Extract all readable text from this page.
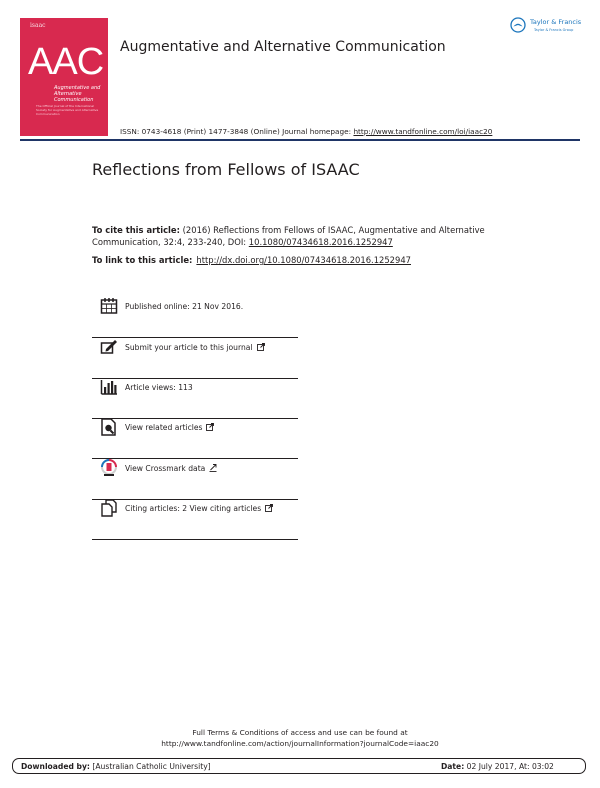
isaac
AAC
Augmentative and Alternative Communication
The Official Journal of the International Society for Augmentative and Alternative Communication
Augmentative and Alternative Communication
ISSN: 0743-4618 (Print) 1477-3848 (Online) Journal homepage: http://www.tandfonline.com/loi/iaac20
Taylor & Francis
Taylor & Francis Group
Reflections from Fellows of ISAAC
To cite this article: (2016) Reflections from Fellows of ISAAC, Augmentative and Alternative Communication, 32:4, 233-240, DOI: 10.1080/07434618.2016.1252947
To link to this article: http://dx.doi.org/10.1080/07434618.2016.1252947
Published online: 21 Nov 2016.
Submit your article to this journal
Article views: 113
View related articles
View Crossmark data
Citing articles: 2 View citing articles
Full Terms & Conditions of access and use can be found at
http://www.tandfonline.com/action/journalInformation?journalCode=iaac20
Downloaded by: [Australian Catholic University]	Date: 02 July 2017, At: 03:02
